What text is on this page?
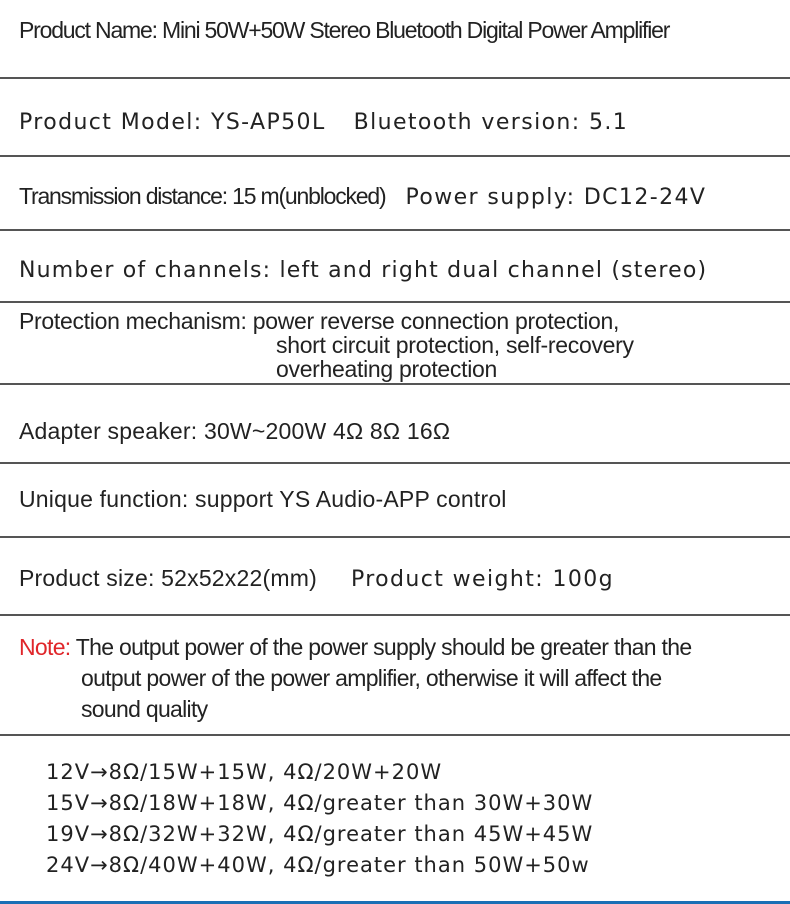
Product Name: Mini 50W+50W Stereo Bluetooth Digital Power Amplifier
Product Model: YS-AP50L Bluetooth version: 5.1
Transmission distance: 15 m(unblocked) Power supply: DC12-24V
Number of channels: left and right dual channel (stereo)
Protection mechanism: power reverse connection protection,
short circuit protection, self-recovery
overheating protection
Adapter speaker: 30W~200W 4Ω 8Ω 16Ω
Unique function: support YS Audio-APP control
Product size: 52x52x22(mm) Product weight: 100g
Note: The output power of the power supply should be greater than the
output power of the power amplifier, otherwise it will affect the
sound quality
12V→8Ω/15W+15W, 4Ω/20W+20W
15V→8Ω/18W+18W, 4Ω/greater than 30W+30W
19V→8Ω/32W+32W, 4Ω/greater than 45W+45W
24V→8Ω/40W+40W, 4Ω/greater than 50W+50w
